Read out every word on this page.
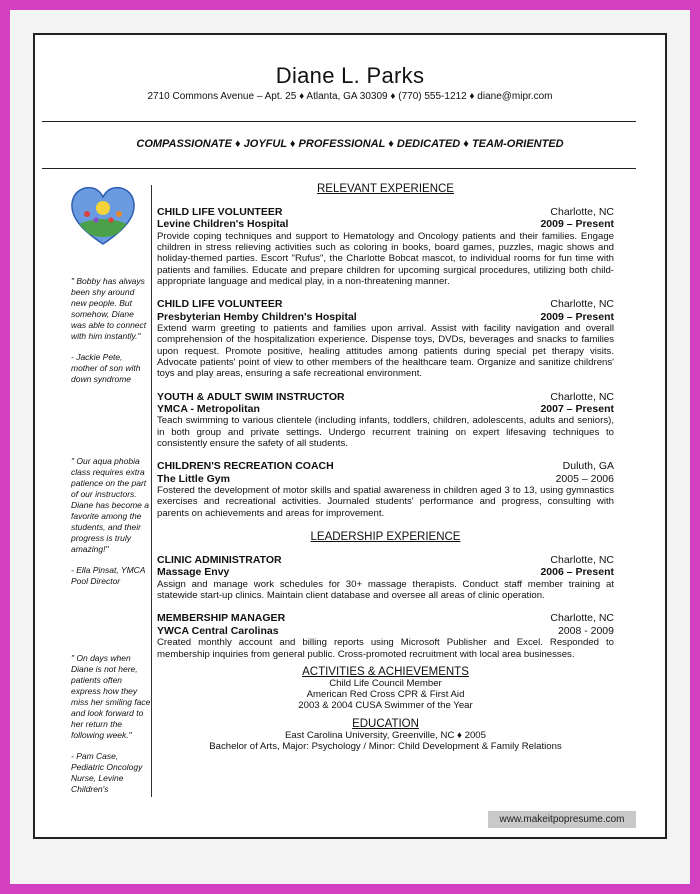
Diane L. Parks
2710 Commons Avenue – Apt. 25 ♦ Atlanta, GA 30309 ♦ (770) 555-1212 ♦ diane@mipr.com
COMPASSIONATE ♦ JOYFUL ♦ PROFESSIONAL ♦ DEDICATED ♦ TEAM-ORIENTED

" Bobby has always been shy around new people. But somehow, Diane was able to connect with him instantly."

- Jackie Pete, mother of son with down syndrome

" Our aqua phobia class requires extra patience on the part of our instructors. Diane has become a favorite among the students, and their progress is truly amazing!"

- Ella Pinsat, YMCA Pool Director

" On days when Diane is not here, patients often express how they miss her smiling face and look forward to her return the following week."

- Pam Case, Pediatric Oncology Nurse, Levine Children's

RELEVANT EXPERIENCE
CHILD LIFE VOLUNTEER	Charlotte, NC
Levine Children's Hospital	2009 – Present
Provide coping techniques and support to Hematology and Oncology patients and their families. Engage children in stress relieving activities such as coloring in books, board games, puzzles, magic shows and holiday-themed parties. Escort "Rufus", the Charlotte Bobcat mascot, to individual rooms for fun time with patients and families. Educate and prepare children for upcoming surgical procedures, utilizing both child-appropriate language and medical play, in a non-threatening manner.
CHILD LIFE VOLUNTEER	Charlotte, NC
Presbyterian Hemby Children's Hospital	2009 – Present
Extend warm greeting to patients and families upon arrival. Assist with facility navigation and overall comprehension of the hospitalization experience. Dispense toys, DVDs, beverages and snacks to families upon request. Promote positive, healing attitudes among patients during special pet therapy visits. Advocate patients' point of view to other members of the healthcare team. Organize and sanitize childrens' toys and play areas, ensuring a safe recreational environment.
YOUTH & ADULT SWIM INSTRUCTOR	Charlotte, NC
YMCA - Metropolitan	2007 – Present
Teach swimming to various clientele (including infants, toddlers, children, adolescents, adults and seniors), in both group and private settings. Undergo recurrent training on expert lifesaving techniques to consistently ensure the safety of all students.
CHILDREN'S RECREATION COACH	Duluth, GA
The Little Gym	2005 – 2006
Fostered the development of motor skills and spatial awareness in children aged 3 to 13, using gymnastics exercises and recreational activities. Journaled students' performance and progress, consulting with parents on achievements and areas for improvement.
LEADERSHIP EXPERIENCE
CLINIC ADMINISTRATOR	Charlotte, NC
Massage Envy	2006 – Present
Assign and manage work schedules for 30+ massage therapists. Conduct staff member training at statewide start-up clinics. Maintain client database and oversee all areas of clinic operation.
MEMBERSHIP MANAGER	Charlotte, NC
YWCA Central Carolinas	2008 - 2009
Created monthly account and billing reports using Microsoft Publisher and Excel. Responded to membership inquiries from general public. Cross-promoted recruitment with local area businesses.
ACTIVITIES & ACHIEVEMENTS
Child Life Council Member
American Red Cross CPR & First Aid
2003 & 2004 CUSA Swimmer of the Year
EDUCATION
East Carolina University, Greenville, NC ♦ 2005
Bachelor of Arts, Major: Psychology / Minor: Child Development & Family Relations
www.makeitpopresume.com
